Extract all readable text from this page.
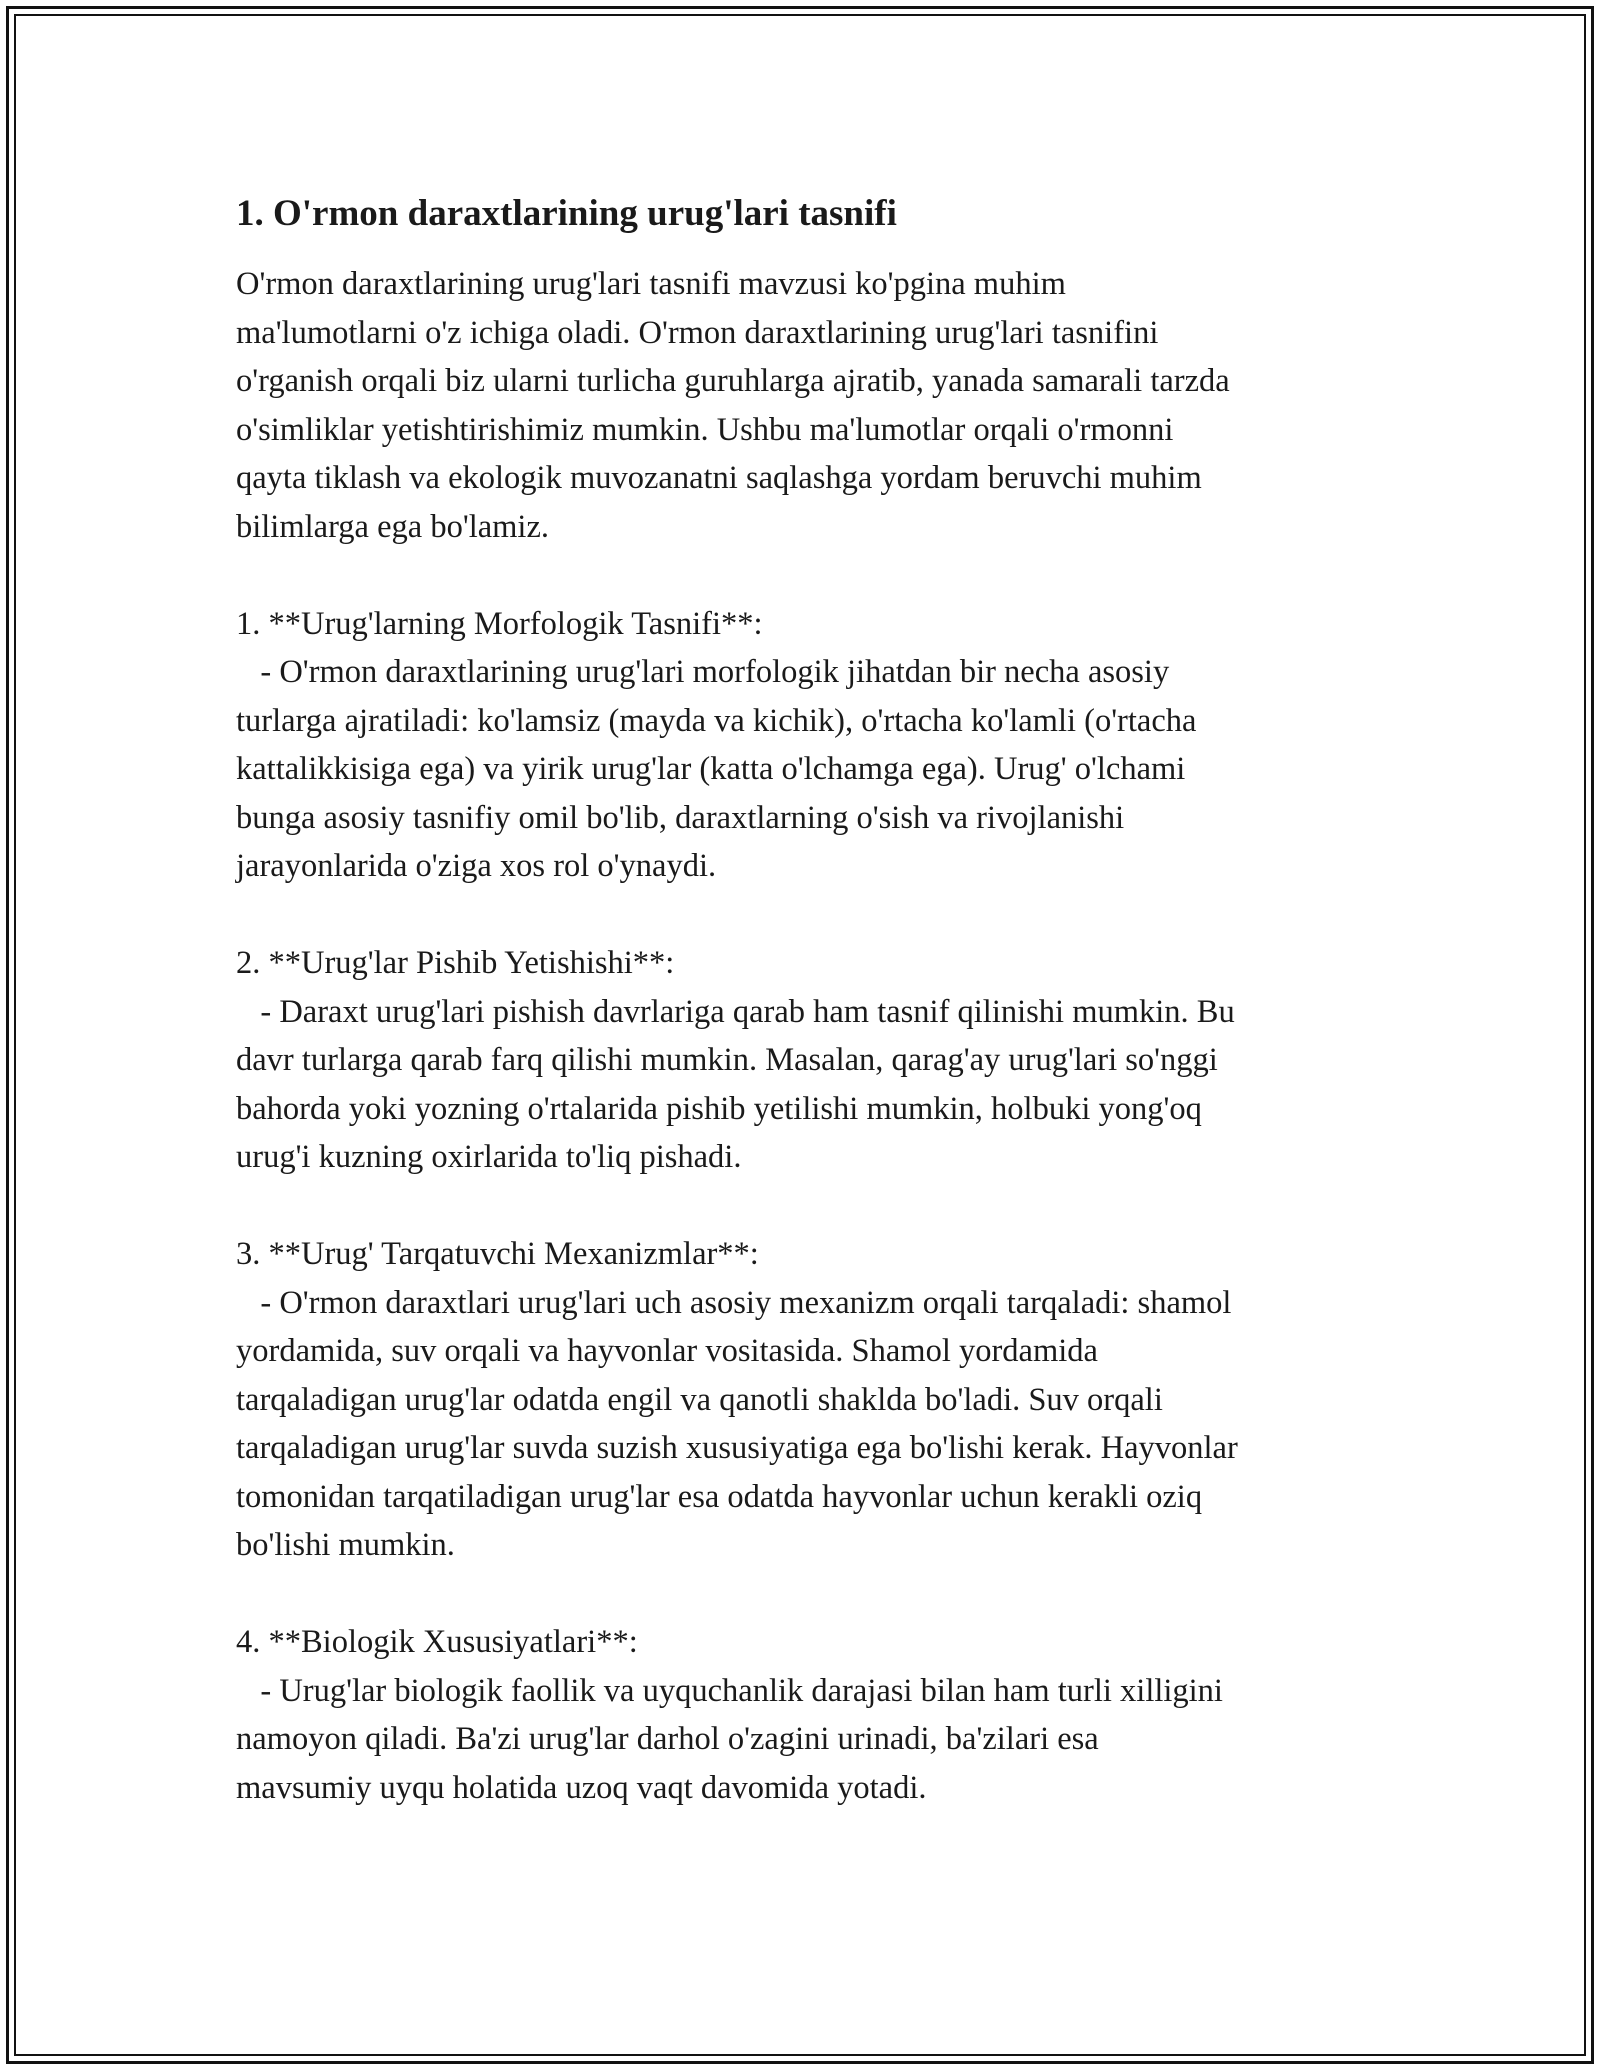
1. O'rmon daraxtlarining urug'lari tasnifi
O'rmon daraxtlarining urug'lari tasnifi mavzusi ko'pgina muhim
ma'lumotlarni o'z ichiga oladi. O'rmon daraxtlarining urug'lari tasnifini
o'rganish orqali biz ularni turlicha guruhlarga ajratib, yanada samarali tarzda
o'simliklar yetishtirishimiz mumkin. Ushbu ma'lumotlar orqali o'rmonni
qayta tiklash va ekologik muvozanatni saqlashga yordam beruvchi muhim
bilimlarga ega bo'lamiz.

1. **Urug'larning Morfologik Tasnifi**:
- O'rmon daraxtlarining urug'lari morfologik jihatdan bir necha asosiy
turlarga ajratiladi: ko'lamsiz (mayda va kichik), o'rtacha ko'lamli (o'rtacha
kattalikkisiga ega) va yirik urug'lar (katta o'lchamga ega). Urug' o'lchami
bunga asosiy tasnifiy omil bo'lib, daraxtlarning o'sish va rivojlanishi
jarayonlarida o'ziga xos rol o'ynaydi.

2. **Urug'lar Pishib Yetishishi**:
- Daraxt urug'lari pishish davrlariga qarab ham tasnif qilinishi mumkin. Bu
davr turlarga qarab farq qilishi mumkin. Masalan, qarag'ay urug'lari so'nggi
bahorda yoki yozning o'rtalarida pishib yetilishi mumkin, holbuki yong'oq
urug'i kuzning oxirlarida to'liq pishadi.

3. **Urug' Tarqatuvchi Mexanizmlar**:
- O'rmon daraxtlari urug'lari uch asosiy mexanizm orqali tarqaladi: shamol
yordamida, suv orqali va hayvonlar vositasida. Shamol yordamida
tarqaladigan urug'lar odatda engil va qanotli shaklda bo'ladi. Suv orqali
tarqaladigan urug'lar suvda suzish xususiyatiga ega bo'lishi kerak. Hayvonlar
tomonidan tarqatiladigan urug'lar esa odatda hayvonlar uchun kerakli oziq
bo'lishi mumkin.

4. **Biologik Xususiyatlari**:
- Urug'lar biologik faollik va uyquchanlik darajasi bilan ham turli xilligini
namoyon qiladi. Ba'zi urug'lar darhol o'zagini urinadi, ba'zilari esa
mavsumiy uyqu holatida uzoq vaqt davomida yotadi.
